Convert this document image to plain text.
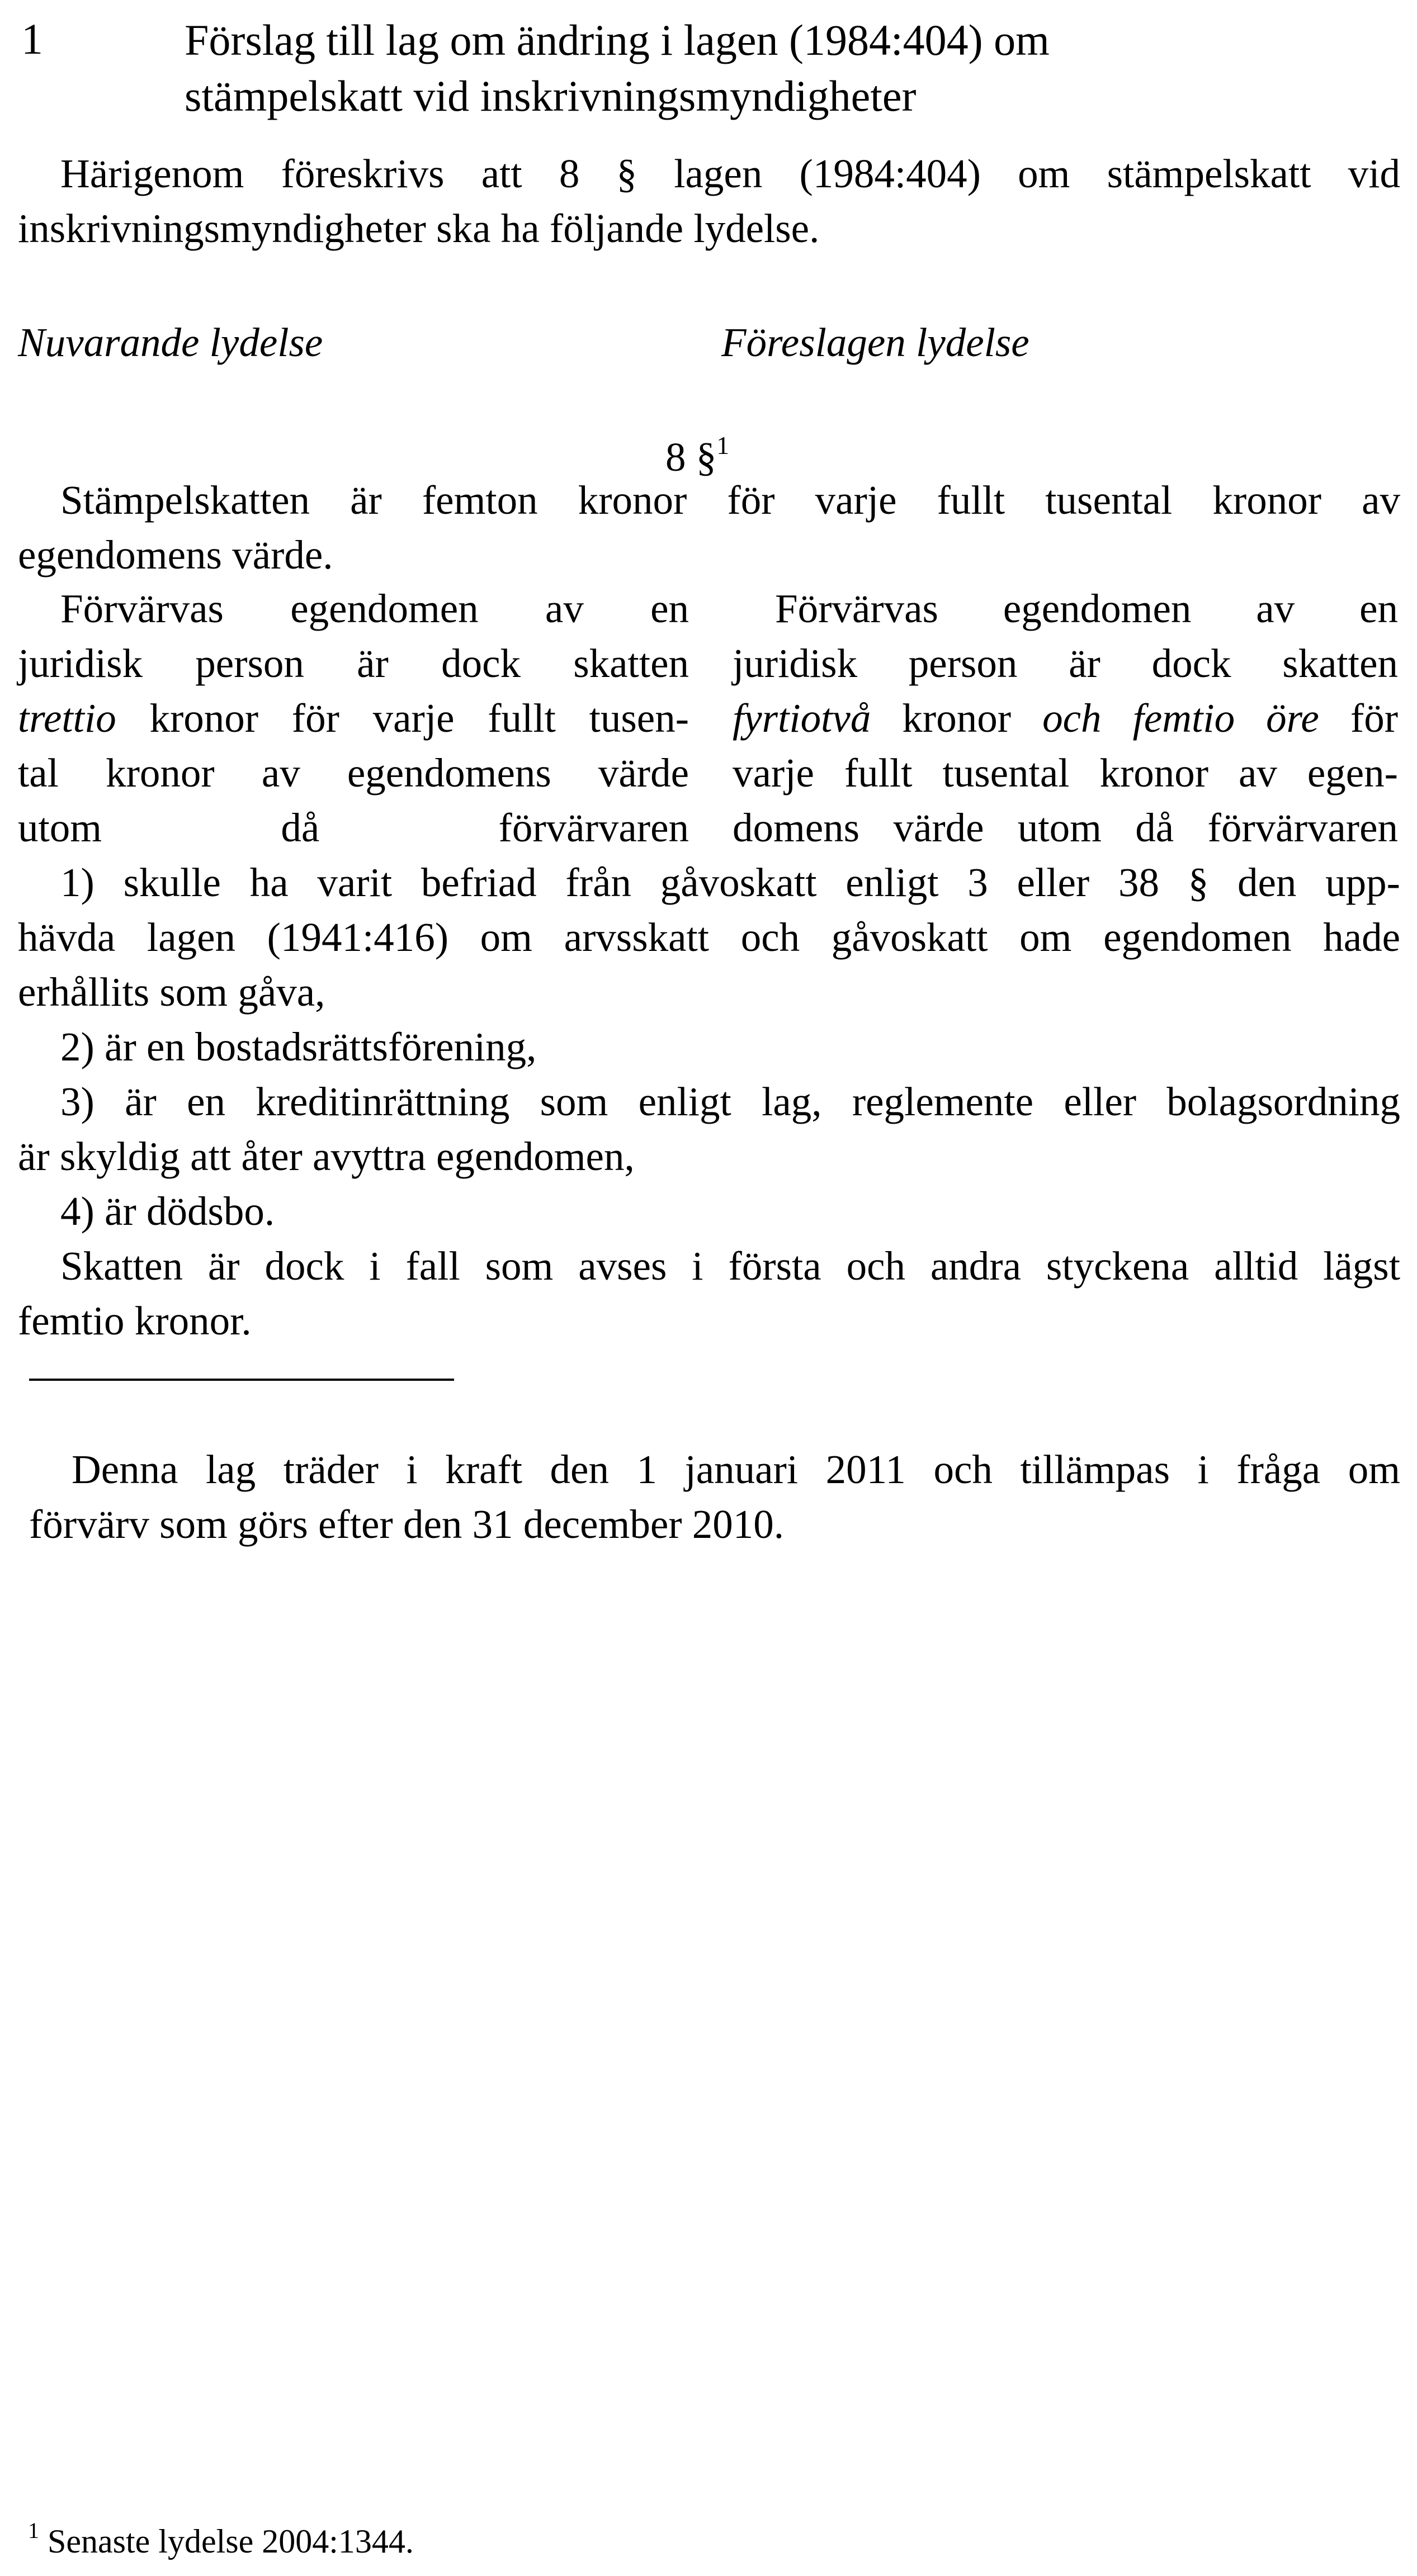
1	Förslag till lag om ändring i lagen (1984:404) om
stämpelskatt vid inskrivningsmyndigheter
Härigenom föreskrivs att 8 § lagen (1984:404) om stämpelskatt vid
inskrivningsmyndigheter ska ha följande lydelse.
Nuvarande lydelse	Föreslagen lydelse
8 §$^1$
Stämpelskatten är femton kronor för varje fullt tusental kronor av
egendomens värde.
Förvärvas egendomen av en
juridisk person är dock skatten
trettio kronor för varje fullt tusen-
tal kronor av egendomens värde
utom då förvärvaren
Förvärvas egendomen av en
juridisk person är dock skatten
fyrtiotvå kronor och femtio öre för
varje fullt tusental kronor av egen-
domens värde utom då förvärvaren
1) skulle ha varit befriad från gåvoskatt enligt 3 eller 38 § den upp-
hävda lagen (1941:416) om arvsskatt och gåvoskatt om egendomen hade
erhållits som gåva,
2) är en bostadsrättsförening,
3) är en kreditinrättning som enligt lag, reglemente eller bolagsordning
är skyldig att åter avyttra egendomen,
4) är dödsbo.
Skatten är dock i fall som avses i första och andra styckena alltid lägst
femtio kronor.
Denna lag träder i kraft den 1 januari 2011 och tillämpas i fråga om
förvärv som görs efter den 31 december 2010.
$^1$ Senaste lydelse 2004:1344.
